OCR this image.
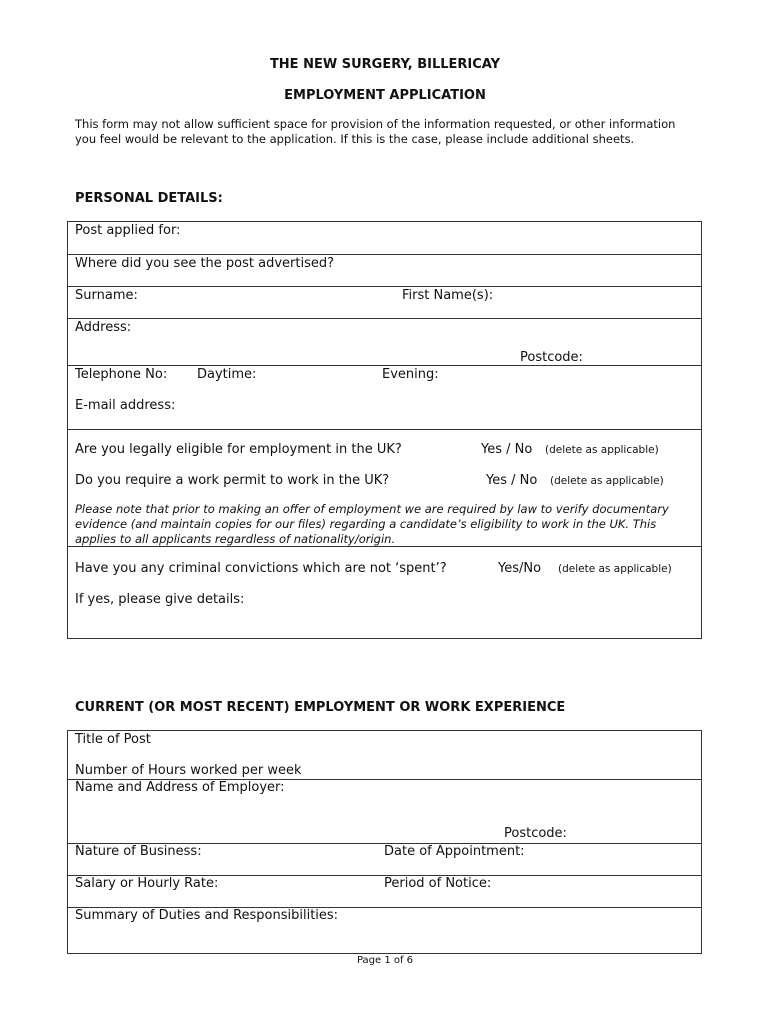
THE NEW SURGERY, BILLERICAY
EMPLOYMENT APPLICATION
This form may not allow sufficient space for provision of the information requested, or other information you feel would be relevant to the application. If this is the case, please include additional sheets.
PERSONAL DETAILS:
Post applied for:
Where did you see the post advertised?
Surname:	First Name(s):
Address:
Postcode:
Telephone No: Daytime:	Evening:
E-mail address:
Are you legally eligible for employment in the UK?	Yes / No (delete as applicable)
Do you require a work permit to work in the UK?	Yes / No (delete as applicable)
Please note that prior to making an offer of employment we are required by law to verify documentary evidence (and maintain copies for our files) regarding a candidate’s eligibility to work in the UK. This applies to all applicants regardless of nationality/origin.
Have you any criminal convictions which are not ‘spent’?	Yes/No (delete as applicable)
If yes, please give details:
CURRENT (OR MOST RECENT) EMPLOYMENT OR WORK EXPERIENCE
Title of Post
Number of Hours worked per week
Name and Address of Employer:
Postcode:
Nature of Business:	Date of Appointment:
Salary or Hourly Rate:	Period of Notice:
Summary of Duties and Responsibilities:
Page 1 of 6
